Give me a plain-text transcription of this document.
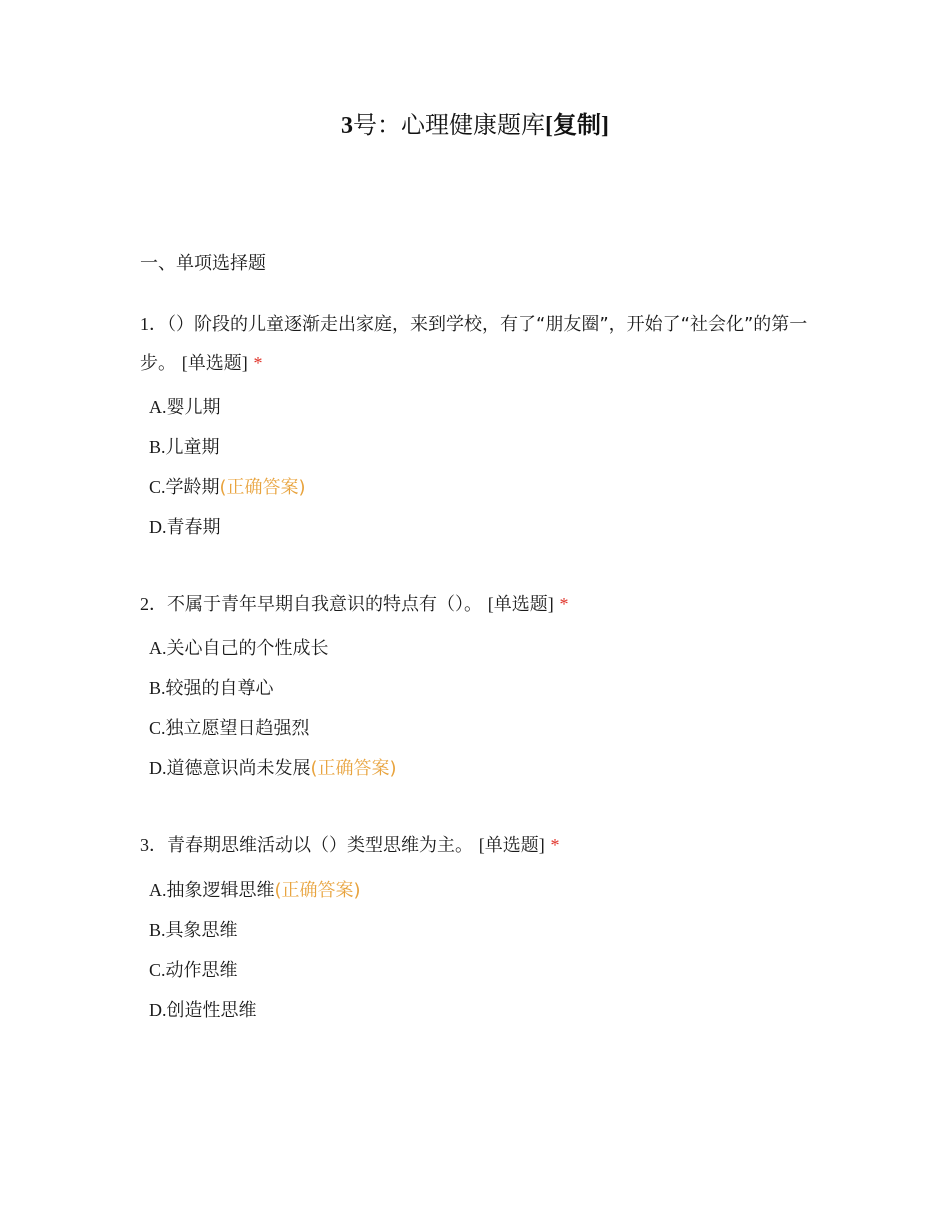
3号：心理健康题库[复制]
一、单项选择题
1．（）阶段的儿童逐渐走出家庭，来到学校，有了“朋友圈”，开始了“社会化”的第一步。 [单选题] *
A.婴儿期
B.儿童期
C.学龄期(正确答案)
D.青春期
2．不属于青年早期自我意识的特点有（）。 [单选题] *
A.关心自己的个性成长
B.较强的自尊心
C.独立愿望日趋强烈
D.道德意识尚未发展(正确答案)
3．青春期思维活动以（）类型思维为主。 [单选题] *
A.抽象逻辑思维(正确答案)
B.具象思维
C.动作思维
D.创造性思维
